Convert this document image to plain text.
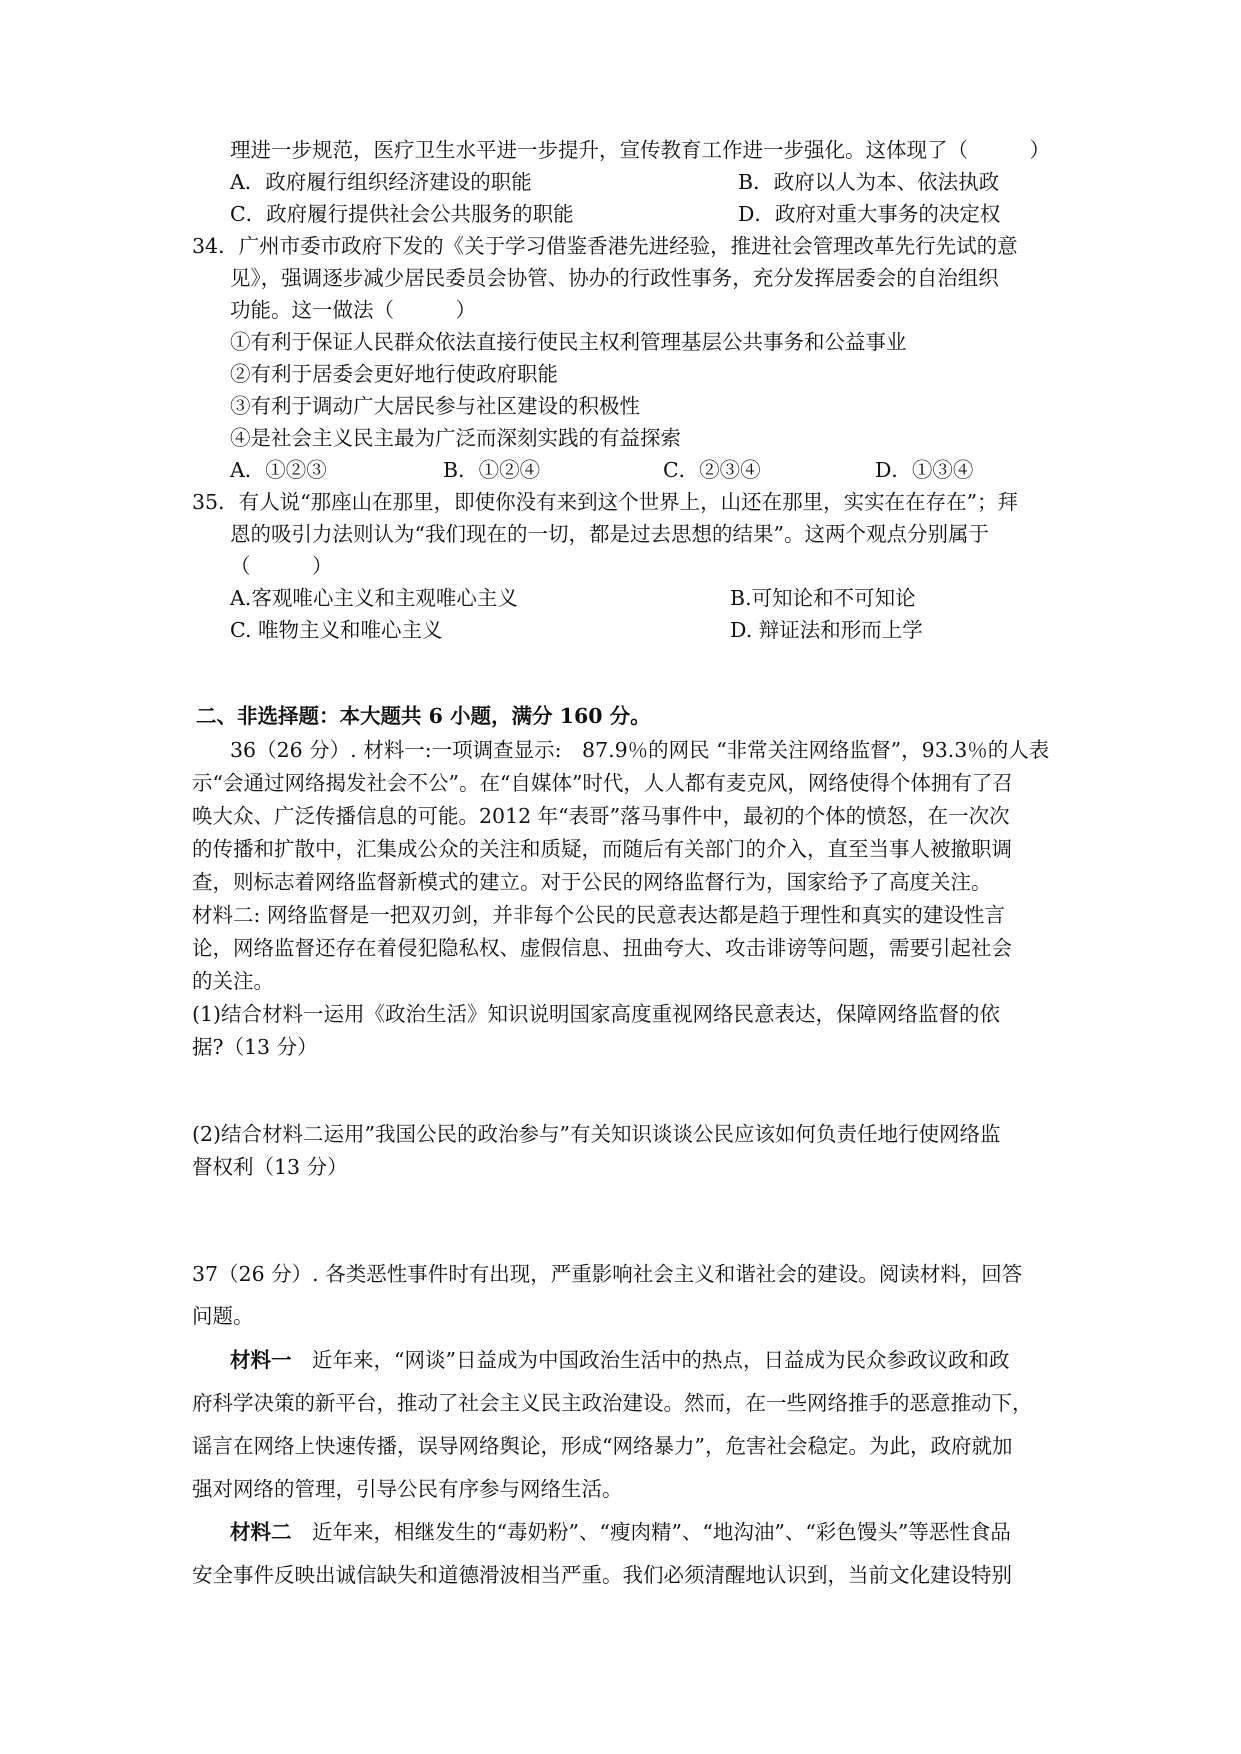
理进一步规范，医疗卫生水平进一步提升，宣传教育工作进一步强化。这体现了（　　　）
A．政府履行组织经济建设的职能	B．政府以人为本、依法执政
C．政府履行提供社会公共服务的职能	D．政府对重大事务的决定权
34．广州市委市政府下发的《关于学习借鉴香港先进经验，推进社会管理改革先行先试的意
见》，强调逐步减少居民委员会协管、协办的行政性事务，充分发挥居委会的自治组织
功能。这一做法（　　　）
①有利于保证人民群众依法直接行使民主权利管理基层公共事务和公益事业
②有利于居委会更好地行使政府职能
③有利于调动广大居民参与社区建设的积极性
④是社会主义民主最为广泛而深刻实践的有益探索
A．①②③	B．①②④	C．②③④	D．①③④
35．有人说“那座山在那里，即使你没有来到这个世界上，山还在那里，实实在在存在”；拜
恩的吸引力法则认为“我们现在的一切，都是过去思想的结果”。这两个观点分别属于
（　　　）
A.客观唯心主义和主观唯心主义	B.可知论和不可知论
C. 唯物主义和唯心主义	D. 辩证法和形而上学
二、非选择题：本大题共 6 小题，满分 160 分。
36（26 分）. 材料一:一项调查显示:　87.9％的网民 “非常关注网络监督”，93.3％的人表
示“会通过网络揭发社会不公”。在“自媒体”时代，人人都有麦克风，网络使得个体拥有了召
唤大众、广泛传播信息的可能。2012 年“表哥”落马事件中，最初的个体的愤怒，在一次次
的传播和扩散中，汇集成公众的关注和质疑，而随后有关部门的介入，直至当事人被撤职调
查，则标志着网络监督新模式的建立。对于公民的网络监督行为，国家给予了高度关注。
材料二: 网络监督是一把双刃剑，并非每个公民的民意表达都是趋于理性和真实的建设性言
论，网络监督还存在着侵犯隐私权、虚假信息、扭曲夸大、攻击诽谤等问题，需要引起社会
的关注。
(1)结合材料一运用《政治生活》知识说明国家高度重视网络民意表达，保障网络监督的依
据?（13 分）
(2)结合材料二运用”我国公民的政治参与”有关知识谈谈公民应该如何负责任地行使网络监
督权利（13 分）
37（26 分）. 各类恶性事件时有出现，严重影响社会主义和谐社会的建设。阅读材料，回答
问题。
材料一　近年来，“网谈”日益成为中国政治生活中的热点，日益成为民众参政议政和政
府科学决策的新平台，推动了社会主义民主政治建设。然而，在一些网络推手的恶意推动下，
谣言在网络上快速传播，误导网络舆论，形成“网络暴力”，危害社会稳定。为此，政府就加
强对网络的管理，引导公民有序参与网络生活。
材料二　近年来，相继发生的“毒奶粉”、“瘦肉精”、“地沟油”、“彩色馒头”等恶性食品
安全事件反映出诚信缺失和道德滑波相当严重。我们必须清醒地认识到，当前文化建设特别
